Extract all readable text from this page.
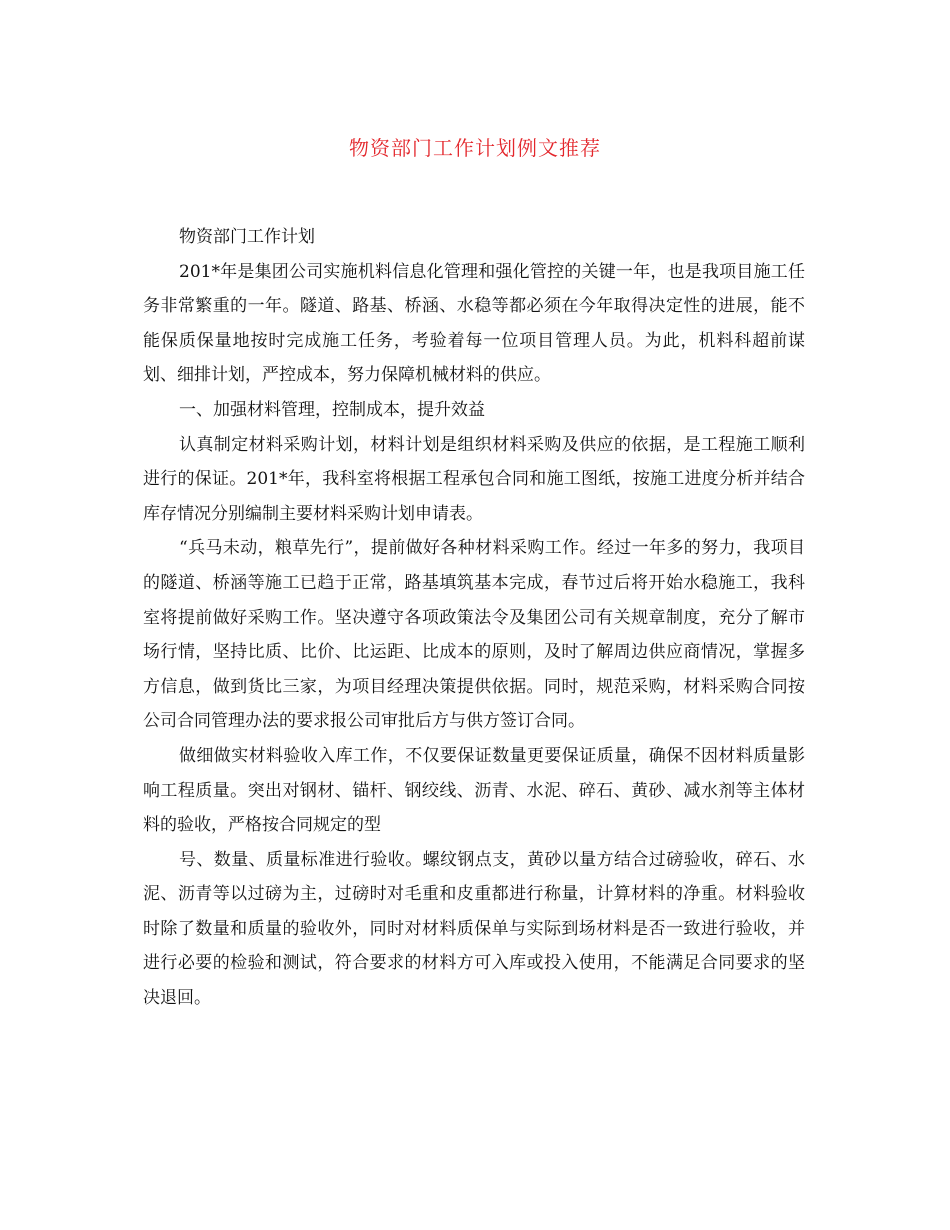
物资部门工作计划例文推荐

物资部门工作计划

201*年是集团公司实施机料信息化管理和强化管控的关键一年，也是我项目施工任务非常繁重的一年。隧道、路基、桥涵、水稳等都必须在今年取得决定性的进展，能不能保质保量地按时完成施工任务，考验着每一位项目管理人员。为此，机料科超前谋划、细排计划，严控成本，努力保障机械材料的供应。

一、加强材料管理，控制成本，提升效益

认真制定材料采购计划，材料计划是组织材料采购及供应的依据，是工程施工顺利进行的保证。201*年，我科室将根据工程承包合同和施工图纸，按施工进度分析并结合库存情况分别编制主要材料采购计划申请表。

“兵马未动，粮草先行”，提前做好各种材料采购工作。经过一年多的努力，我项目的隧道、桥涵等施工已趋于正常，路基填筑基本完成，春节过后将开始水稳施工，我科室将提前做好采购工作。坚决遵守各项政策法令及集团公司有关规章制度，充分了解市场行情，坚持比质、比价、比运距、比成本的原则，及时了解周边供应商情况，掌握多方信息，做到货比三家，为项目经理决策提供依据。同时，规范采购，材料采购合同按公司合同管理办法的要求报公司审批后方与供方签订合同。

做细做实材料验收入库工作，不仅要保证数量更要保证质量，确保不因材料质量影响工程质量。突出对钢材、锚杆、钢绞线、沥青、水泥、碎石、黄砂、减水剂等主体材料的验收，严格按合同规定的型

号、数量、质量标准进行验收。螺纹钢点支，黄砂以量方结合过磅验收，碎石、水泥、沥青等以过磅为主，过磅时对毛重和皮重都进行称量，计算材料的净重。材料验收时除了数量和质量的验收外，同时对材料质保单与实际到场材料是否一致进行验收，并进行必要的检验和测试，符合要求的材料方可入库或投入使用，不能满足合同要求的坚决退回。
